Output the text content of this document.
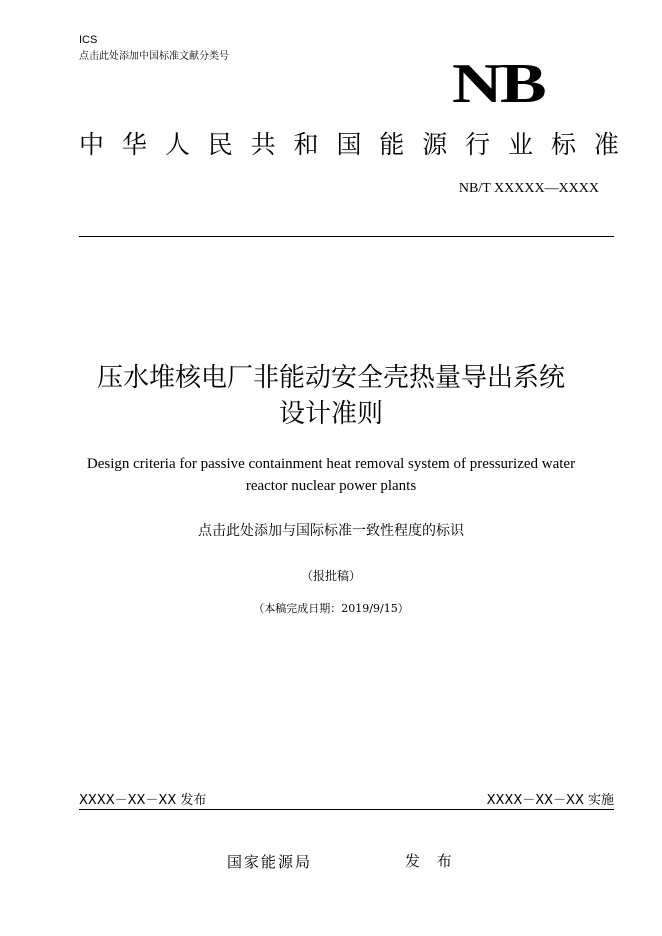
ICS
点击此处添加中国标准文献分类号	NB
中 华 人 民 共 和 国 能 源 行 业 标 准
NB/T XXXXX—XXXX
压水堆核电厂非能动安全壳热量导出系统
设计准则
Design criteria for passive containment heat removal system of pressurized water
reactor nuclear power plants
点击此处添加与国际标准一致性程度的标识
（报批稿）
（本稿完成日期：2019/9/15）
XXXX－XX－XX 发布	XXXX－XX－XX 实施
国家能源局	发 布
